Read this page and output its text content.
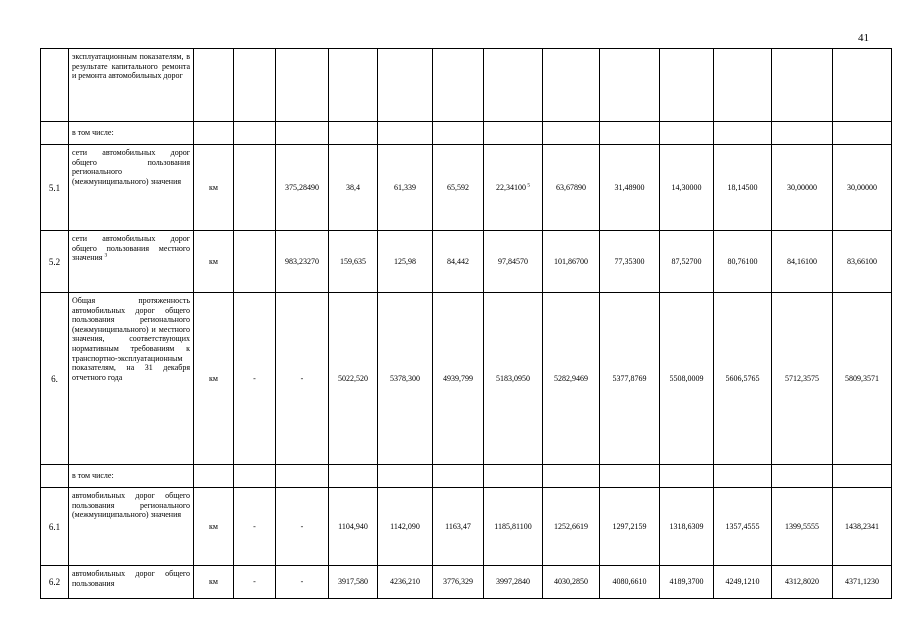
41
	эксплуатационным показателям, в результате капитального ремонта и ремонта автомобильных дорог													
	в том числе:													
5.1	сети автомобильных дорог общего пользования регионального (межмуниципального) значения	км		375,28490	38,4	61,339	65,592	22,34100 $^5$	63,67890	31,48900	14,30000	18,14500	30,00000	30,00000
5.2	сети автомобильных дорог общего пользования местного значения $^3$	км		983,23270	159,635	125,98	84,442	97,84570	101,86700	77,35300	87,52700	80,76100	84,16100	83,66100
6.	Общая протяженность автомобильных дорог общего пользования регионального (межмуниципального) и местного значения, соответствующих нормативным требованиям к транспортно-эксплуатационным показателям, на 31 декабря отчетного года	км	-	-	5022,520	5378,300	4939,799	5183,0950	5282,9469	5377,8769	5508,0009	5606,5765	5712,3575	5809,3571
	в том числе:													
6.1	автомобильных дорог общего пользования регионального (межмуниципального) значения	км	-	-	1104,940	1142,090	1163,47	1185,81100	1252,6619	1297,2159	1318,6309	1357,4555	1399,5555	1438,2341
6.2	автомобильных дорог общего пользования	км	-	-	3917,580	4236,210	3776,329	3997,2840	4030,2850	4080,6610	4189,3700	4249,1210	4312,8020	4371,1230
